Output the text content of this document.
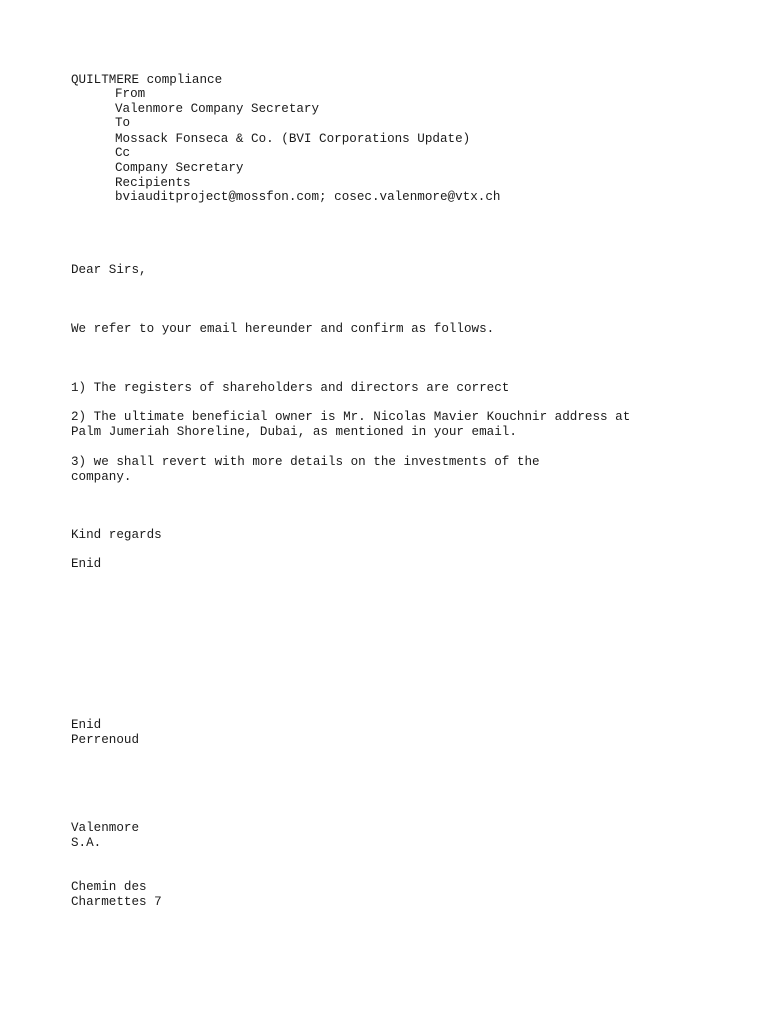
QUILTMERE compliance
From
Valenmore Company Secretary
To
Mossack Fonseca & Co. (BVI Corporations Update)
Cc
Company Secretary
Recipients
bviauditproject@mossfon.com; cosec.valenmore@vtx.ch
Dear Sirs,
We refer to your email hereunder and confirm as follows.
1) The registers of shareholders and directors are correct
2) The ultimate beneficial owner is Mr. Nicolas Mavier Kouchnir address at
Palm Jumeriah Shoreline, Dubai, as mentioned in your email.
3) we shall revert with more details on the investments of the
company.
Kind regards
Enid
Enid
Perrenoud
Valenmore
S.A.
Chemin des
Charmettes 7
